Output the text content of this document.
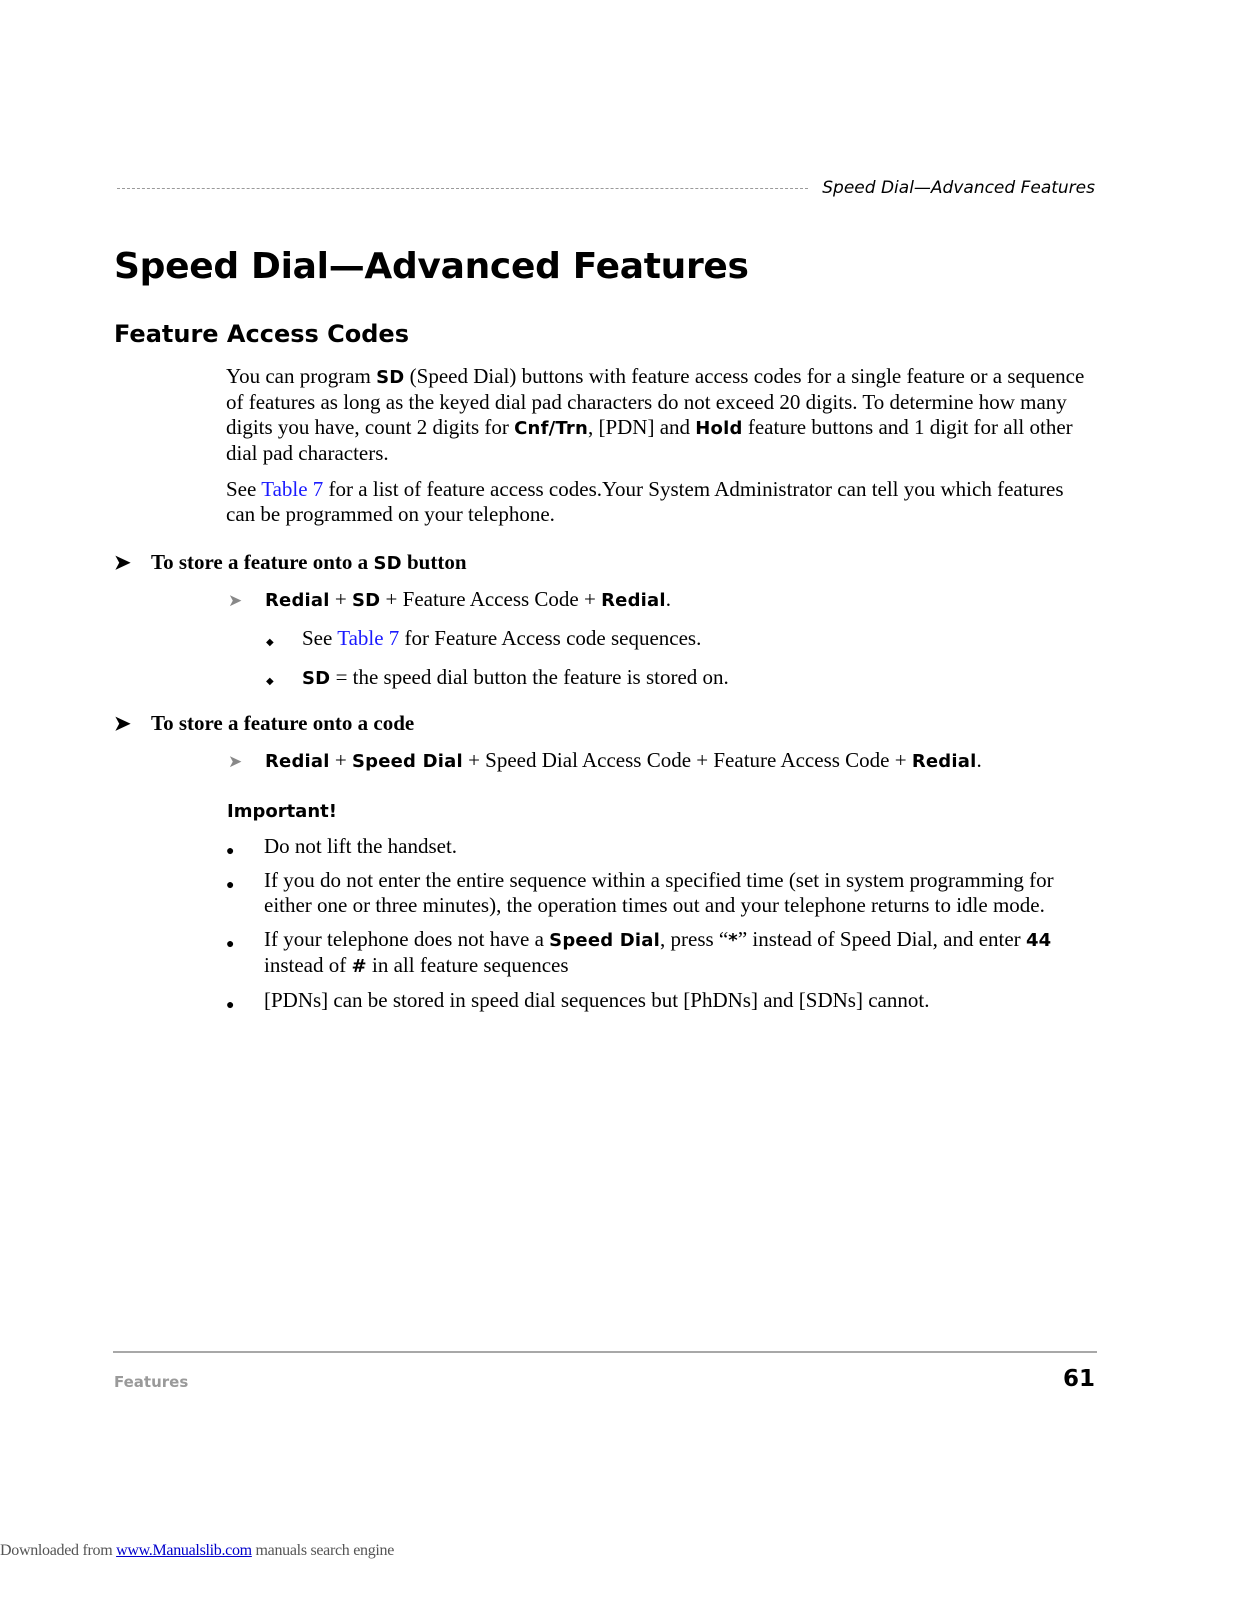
Speed Dial—Advanced Features
Speed Dial—Advanced Features
Feature Access Codes

You can program SD (Speed Dial) buttons with feature access codes for a single feature or a sequence of features as long as the keyed dial pad characters do not exceed 20 digits. To determine how many digits you have, count 2 digits for Cnf/Trn, [PDN] and Hold feature buttons and 1 digit for all other dial pad characters.

See Table 7 for a list of feature access codes.Your System Administrator can tell you which features can be programmed on your telephone.

➤ To store a feature onto a SD button
➤	Redial + SD + Feature Access Code + Redial.
◆	See Table 7 for Feature Access code sequences.
◆	SD = the speed dial button the feature is stored on.
➤ To store a feature onto a code
➤	Redial + Speed Dial + Speed Dial Access Code + Feature Access Code + Redial.
Important!
● Do not lift the handset.
● If you do not enter the entire sequence within a specified time (set in system programming for either one or three minutes), the operation times out and your telephone returns to idle mode.
● If your telephone does not have a Speed Dial, press “*” instead of Speed Dial, and enter 44 instead of # in all feature sequences
● [PDNs] can be stored in speed dial sequences but [PhDNs] and [SDNs] cannot.
Features	61
Downloaded from www.Manualslib.com manuals search engine
